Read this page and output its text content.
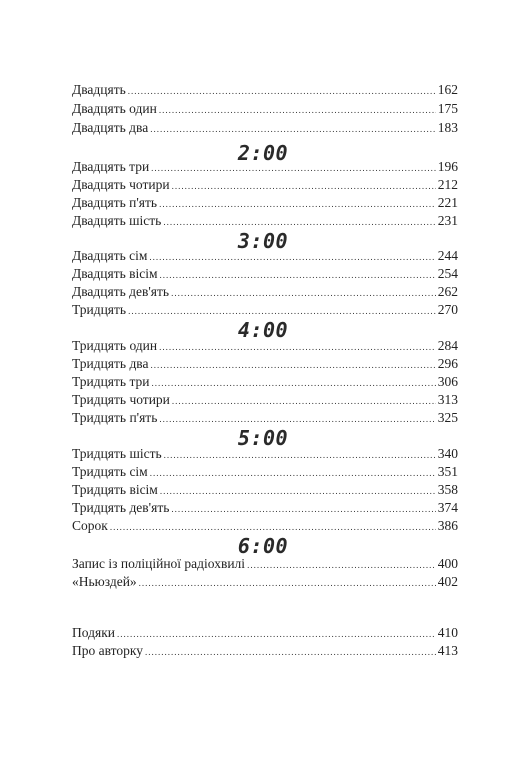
Двадцять .....	162
Двадцять один .....	175
Двадцять два .....	183
2:00
Двадцять три .....	196
Двадцять чотири .....	212
Двадцять п'ять .....	221
Двадцять шість .....	231
3:00
Двадцять сім .....	244
Двадцять вісім .....	254
Двадцять дев'ять .....	262
Тридцять .....	270
4:00
Тридцять один .....	284
Тридцять два .....	296
Тридцять три .....	306
Тридцять чотири .....	313
Тридцять п'ять .....	325
5:00
Тридцять шість .....	340
Тридцять сім .....	351
Тридцять вісім .....	358
Тридцять дев'ять .....	374
Сорок .....	386
6:00
Запис із поліційної радіохвилі .....	400
«Ньюздей» .....	402
Подяки .....	410
Про авторку .....	413
